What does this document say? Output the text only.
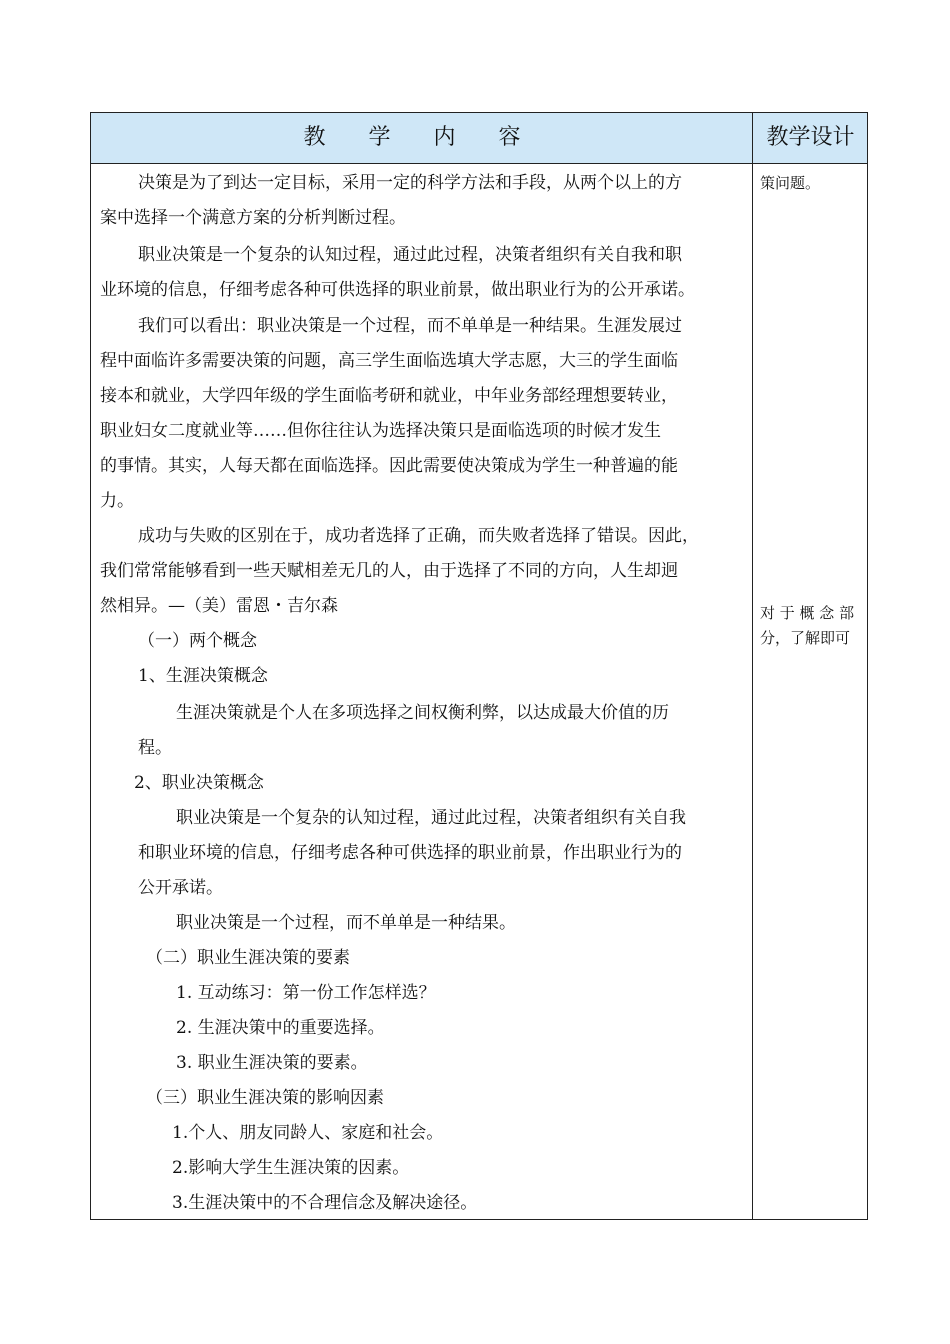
教 学 内 容	教学设计
决策是为了到达一定目标，采用一定的科学方法和手段，从两个以上的方
案中选择一个满意方案的分析判断过程。
职业决策是一个复杂的认知过程，通过此过程，决策者组织有关自我和职
业环境的信息，仔细考虑各种可供选择的职业前景，做出职业行为的公开承诺。
我们可以看出：职业决策是一个过程，而不单单是一种结果。生涯发展过
程中面临许多需要决策的问题，高三学生面临选填大学志愿，大三的学生面临
接本和就业，大学四年级的学生面临考研和就业，中年业务部经理想要转业，
职业妇女二度就业等……但你往往认为选择决策只是面临选项的时候才发生
的事情。其实，人每天都在面临选择。因此需要使决策成为学生一种普遍的能
力。
成功与失败的区别在于，成功者选择了正确，而失败者选择了错误。因此，
我们常常能够看到一些天赋相差无几的人，由于选择了不同的方向，人生却迥
然相异。—（美）雷恩・吉尔森
（一）两个概念
1、生涯决策概念
生涯决策就是个人在多项选择之间权衡利弊，以达成最大价值的历
程。
2、职业决策概念
职业决策是一个复杂的认知过程，通过此过程，决策者组织有关自我
和职业环境的信息，仔细考虑各种可供选择的职业前景，作出职业行为的
公开承诺。
职业决策是一个过程，而不单单是一种结果。
（二）职业生涯决策的要素
1. 互动练习：第一份工作怎样选？
2. 生涯决策中的重要选择。
3. 职业生涯决策的要素。
（三）职业生涯决策的影响因素
1.个人、朋友同龄人、家庭和社会。
2.影响大学生生涯决策的因素。
3.生涯决策中的不合理信念及解决途径。
策问题。
对 于 概 念 部
分，了解即可
